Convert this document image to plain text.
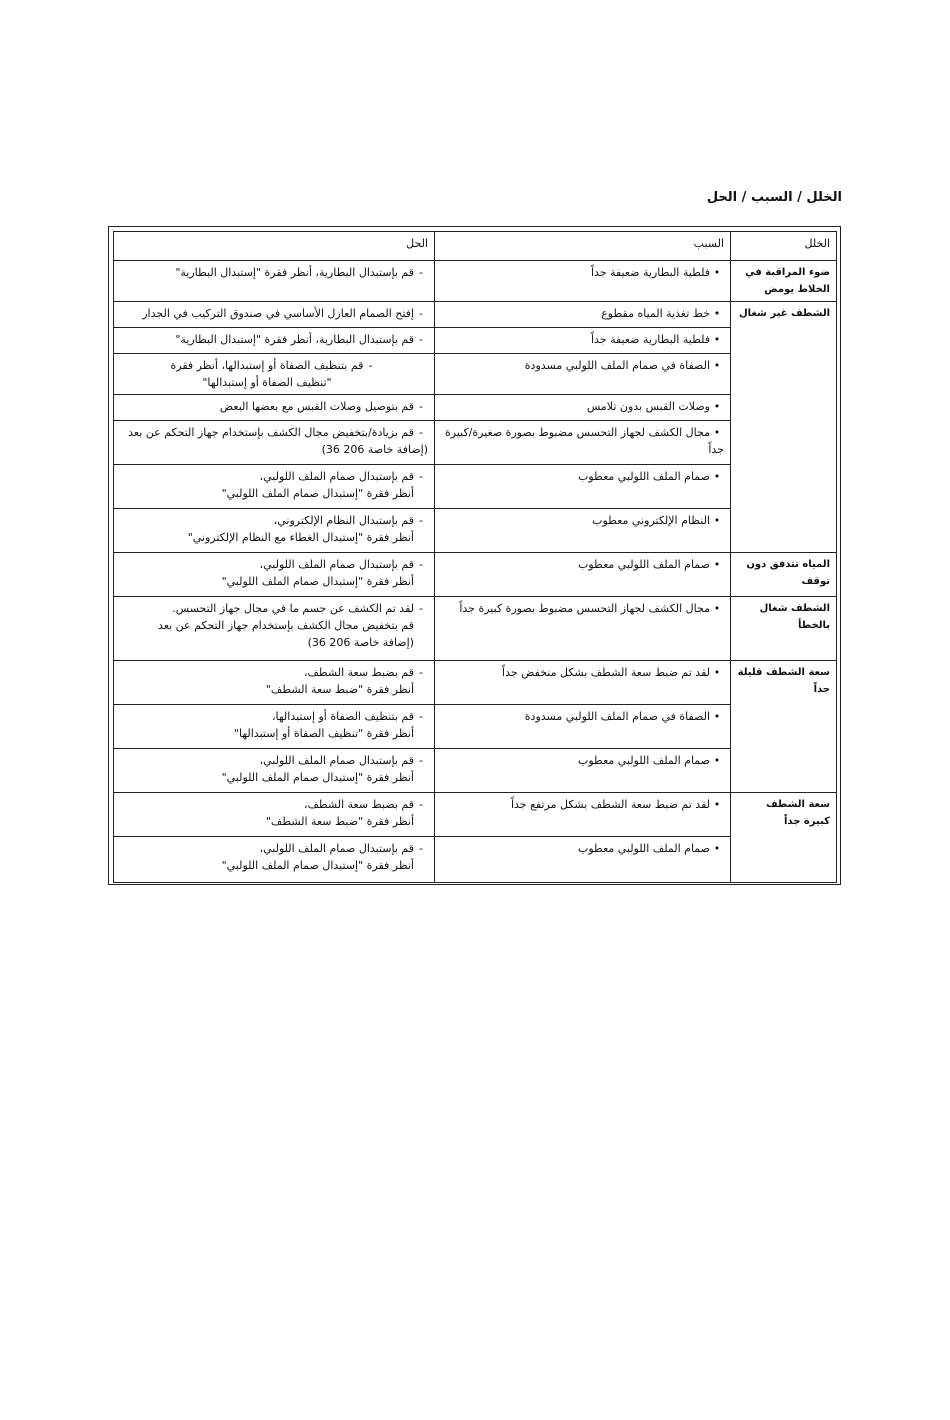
الخلل / السبب / الحل
الخلل	السبب	الحل
ضوء المراقبة في الخلاط يومض	•فلطية البطارية ضعيفة جداً	-قم بإستبدال البطارية، أنظر فقرة "إستبدال البطارية"
الشطف غير شغال	•خط تغذية المياه مقطوع	-إفتح الصمام العازل الأساسي في صندوق التركيب في الجدار
	•فلطية البطارية ضعيفة جداً	-قم بإستبدال البطارية، أنظر فقرة "إستبدال البطارية"
	•الصفاة في صمام الملف اللولبي مسدودة	-قم بتنظيف الصفاة أو إستبدالها، أنظر فقرة
"تنظيف الصفاة أو إستبدالها"

	•وصلات القبس بدون تلامس	-قم بتوصيل وصلات القبس مع بعضها البعض
	•مجال الكشف لجهاز التحسس مضبوط بصورة صغيرة/كبيرة جداً	-قم بزيادة/بتخفيض مجال الكشف بإستخدام جهاز التحكم عن بعد (إضافة خاصة 206 36)
	•صمام الملف اللولبي معطوب	-قم بإستبدال صمام الملف اللولبي،
أنظر فقرة "إستبدال صمام الملف اللولبي"

	•النظام الإلكتروني معطوب	-قم بإستبدال النظام الإلكتروني،
أنظر فقرة "إستبدال الغطاء مع النظام الإلكتروني"

المياه تتدفق دون توقف	•صمام الملف اللولبي معطوب	-قم بإستبدال صمام الملف اللولبي،
أنظر فقرة "إستبدال صمام الملف اللولبي"

الشطف شغال بالخطأ	•مجال الكشف لجهاز التحسس مضبوط بصورة كبيرة جداً	-لقد تم الكشف عن جسم ما في مجال جهاز التحسس.
قم بتخفيض مجال الكشف بإستخدام جهاز التحكم عن بعد
(إضافة خاصة 206 36)

سعة الشطف قليلة جداً	•لقد تم ضبط سعة الشطف بشكل منخفض جداً	-قم بضبط سعة الشطف،
أنظر فقرة "ضبط سعة الشطف"

	•الصفاة في صمام الملف اللولبي مسدودة	-قم بتنظيف الصفاة أو إستبدالها،
أنظر فقرة "تنظيف الصفاة أو إستبدالها"

	•صمام الملف اللولبي معطوب	-قم بإستبدال صمام الملف اللولبي،
أنظر فقرة "إستبدال صمام الملف اللولبي"

سعة الشطف كبيرة جداً	•لقد تم ضبط سعة الشطف بشكل مرتفع جداً	-قم بضبط سعة الشطف،
أنظر فقرة "ضبط سعة الشطف"

	•صمام الملف اللولبي معطوب	-قم بإستبدال صمام الملف اللولبي،
أنظر فقرة "إستبدال صمام الملف اللولبي"
